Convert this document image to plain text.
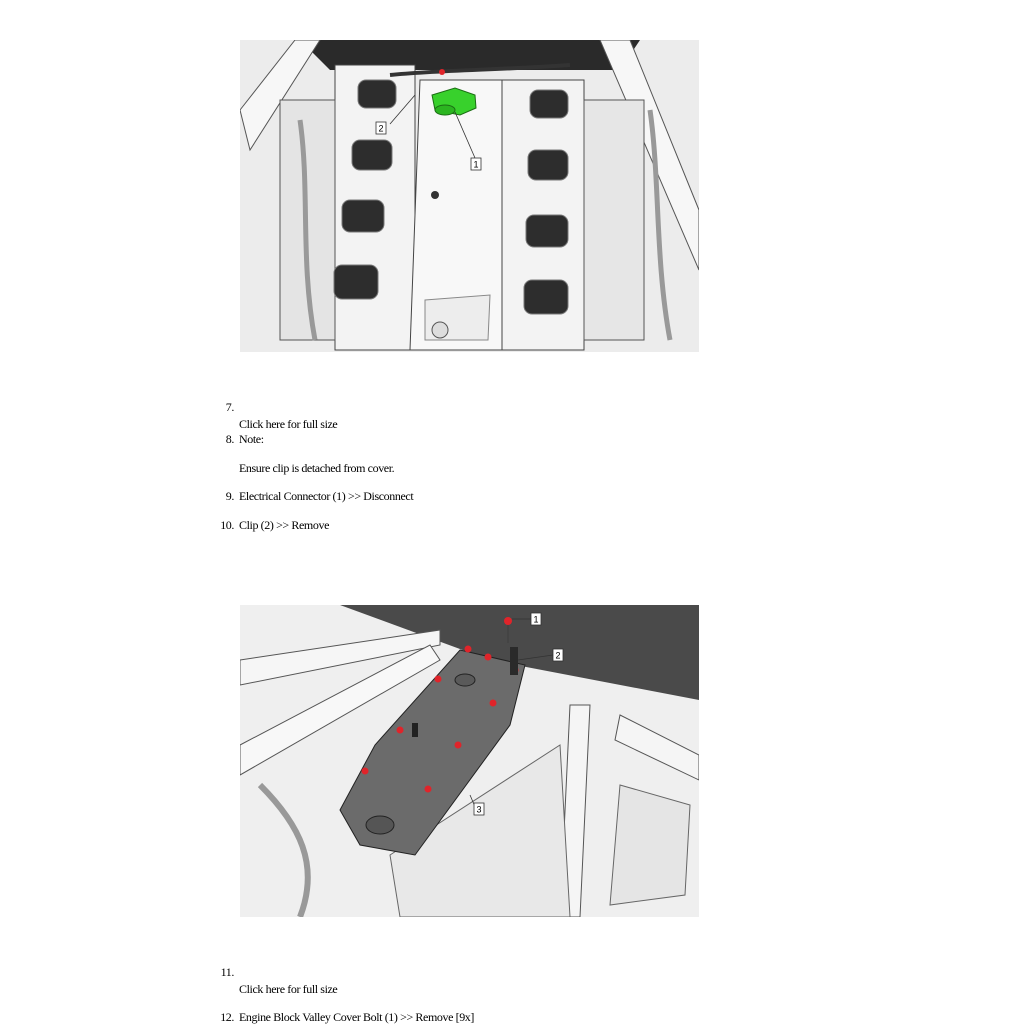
1
2
1
2
3
7.
Click here for full size
8. Note:
Ensure clip is detached from cover.
9. Electrical Connector (1) >> Disconnect
10. Clip (2) >> Remove
11.
Click here for full size
12. Engine Block Valley Cover Bolt (1) >> Remove [9x]
